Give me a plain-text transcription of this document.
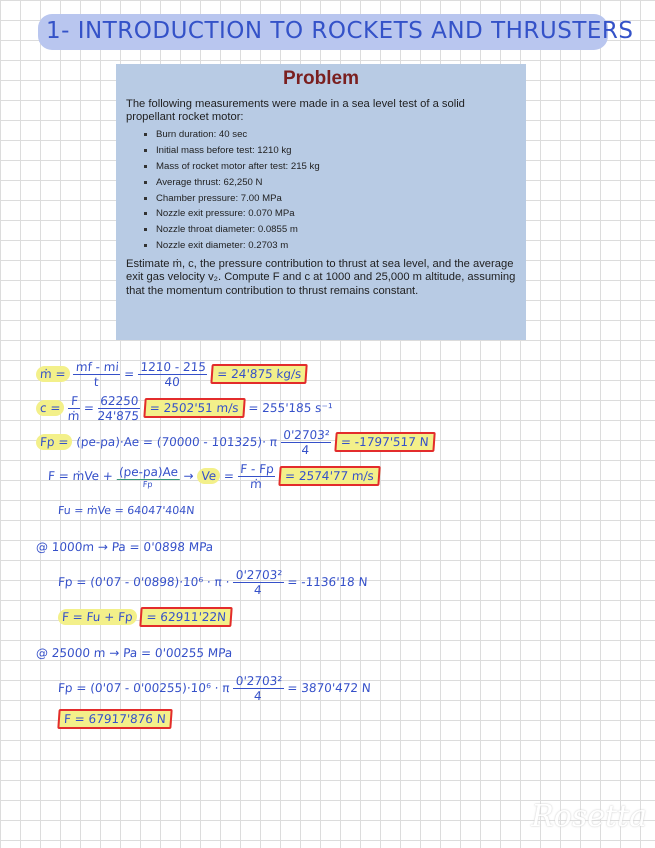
1- INTRODUCTION TO ROCKETS AND THRUSTERS
Problem

The following measurements were made in a sea level test of a solid propellant rocket motor:

Burn duration: 40 sec
Initial mass before test: 1210 kg
Mass of rocket motor after test: 215 kg
Average thrust: 62,250 N
Chamber pressure: 7.00 MPa
Nozzle exit pressure: 0.070 MPa
Nozzle throat diameter: 0.0855 m
Nozzle exit diameter: 0.2703 m

Estimate ṁ, c, the pressure contribution to thrust at sea level, and the average exit gas velocity v₂. Compute F and c at 1000 and 25,000 m altitude, assuming that the momentum contribution to thrust remains constant.

ṁ = $\frac{mf - mi}{t} = \frac{1210 - 215}{40} = 24'875$ kg/s
$c = \frac{F}{\text{ṁ}} = \frac{62250}{24'875} = 2502'51$ m/s = 255'185 s⁻¹
Fp = (pe-pa)·Ae = (70000 - 101325)· π $\frac{\text{0'2703²}}{4} = -1797'517$ N
F = ṁVe + $\frac{(pe-pa)Ae}{Fp} \to Ve = \frac{F - Fp}{\text{ṁ}} = 2574'77$ m/s
Fu = ṁVe = 64047'404N
@ 1000m → Pa = 0'0898 MPa
$Fp = (0'07 - 0'0898)\cdot 10^6 \cdot \pi \cdot \frac{\text{0'2703²}}{4} = -1136'18$ N
F = Fu + Fp = 62911'22N
@ 25000 m → Pa = 0'00255 MPa
Fp = (0'07 - 0'00255)·10⁶ · π $\frac{\text{0'2703²}}{4} = 3870'472$ N
F = 67917'876 N
Rosetta
